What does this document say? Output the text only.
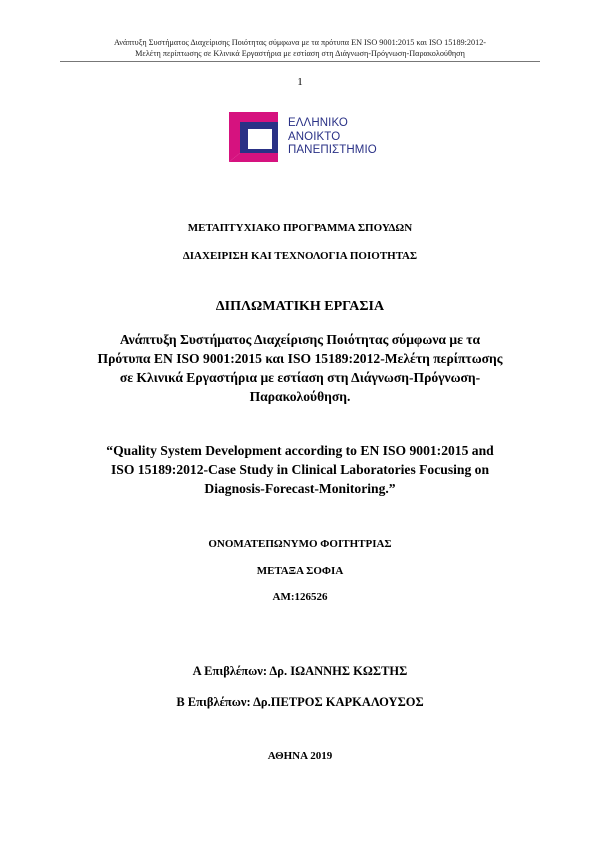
Ανάπτυξη Συστήματος Διαχείρισης Ποιότητας σύμφωνα με τα πρότυπα EN ISO 9001:2015 και ISO 15189:2012-
Μελέτη περίπτωσης σε Κλινικά Εργαστήρια με εστίαση στη Διάγνωση-Πρόγνωση-Παρακολούθηση
1
ΕΛΛΗΝΙΚΟ
ΑΝΟΙΚΤΟ
ΠΑΝΕΠΙΣΤΗΜΙΟ
ΜΕΤΑΠΤΥΧΙΑΚΟ ΠΡΟΓΡΑΜΜΑ ΣΠΟΥΔΩΝ
ΔΙΑΧΕΙΡΙΣΗ ΚΑΙ ΤΕΧΝΟΛΟΓΙΑ ΠΟΙΟΤΗΤΑΣ
ΔΙΠΛΩΜΑΤΙΚΗ ΕΡΓΑΣΙΑ
Ανάπτυξη Συστήματος Διαχείρισης Ποιότητας σύμφωνα με τα Πρότυπα EN ISO 9001:2015 και ISO 15189:2012-Μελέτη περίπτωσης σε Κλινικά Εργαστήρια με εστίαση στη Διάγνωση-Πρόγνωση-Παρακολούθηση.
“Quality System Development according to EN ISO 9001:2015 and ISO 15189:2012-Case Study in Clinical Laboratories Focusing on Diagnosis-Forecast-Monitoring.”
ΟΝΟΜΑΤΕΠΩΝΥΜΟ ΦΟΙΤΗΤΡΙΑΣ
ΜΕΤΑΞΑ ΣΟΦΙΑ
ΑΜ:126526
Α Επιβλέπων: Δρ. ΙΩΑΝΝΗΣ ΚΩΣΤΗΣ
Β Επιβλέπων: Δρ.ΠΕΤΡΟΣ ΚΑΡΚΑΛΟΥΣΟΣ
ΑΘΗΝΑ 2019
